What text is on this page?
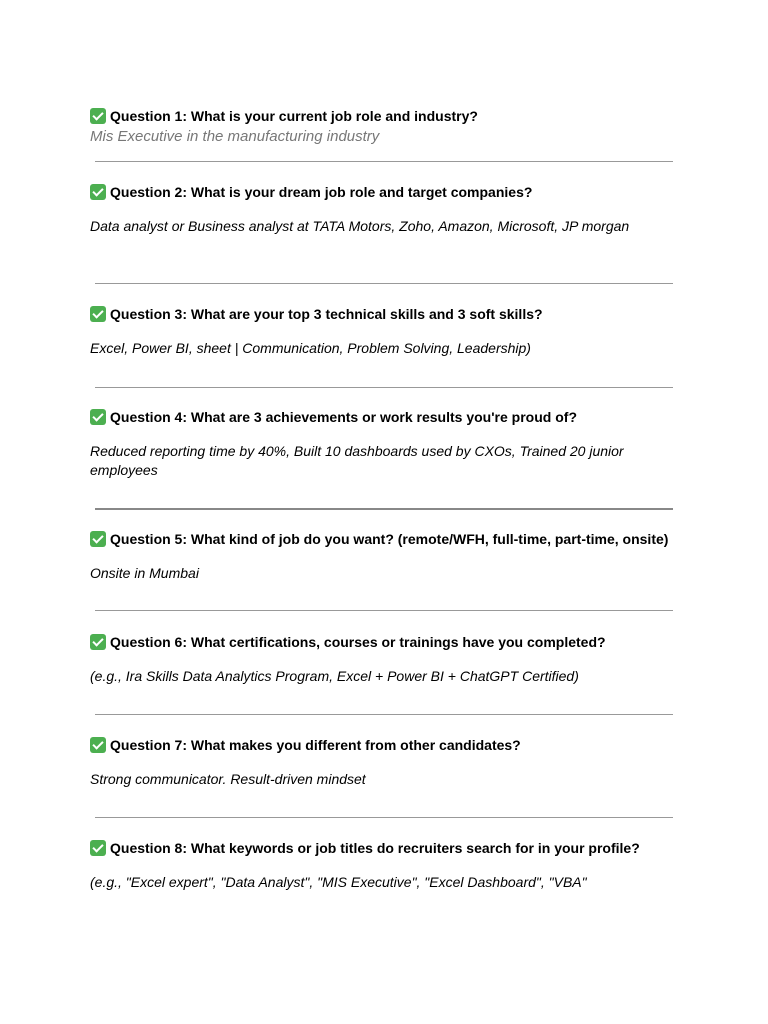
Question 1: What is your current job role and industry?
Mis Executive in the manufacturing industry
Question 2: What is your dream job role and target companies?
Data analyst or Business analyst at TATA Motors, Zoho, Amazon, Microsoft, JP morgan
Question 3: What are your top 3 technical skills and 3 soft skills?
Excel, Power BI, sheet | Communication, Problem Solving, Leadership)
Question 4: What are 3 achievements or work results you're proud of?
Reduced reporting time by 40%, Built 10 dashboards used by CXOs, Trained 20 junior employees
Question 5: What kind of job do you want? (remote/WFH, full-time, part-time, onsite)
Onsite in Mumbai
Question 6: What certifications, courses or trainings have you completed?
(e.g., Ira Skills Data Analytics Program, Excel + Power BI + ChatGPT Certified)
Question 7: What makes you different from other candidates?
Strong communicator. Result-driven mindset
Question 8: What keywords or job titles do recruiters search for in your profile?
(e.g., "Excel expert", "Data Analyst", "MIS Executive", "Excel Dashboard", "VBA"
